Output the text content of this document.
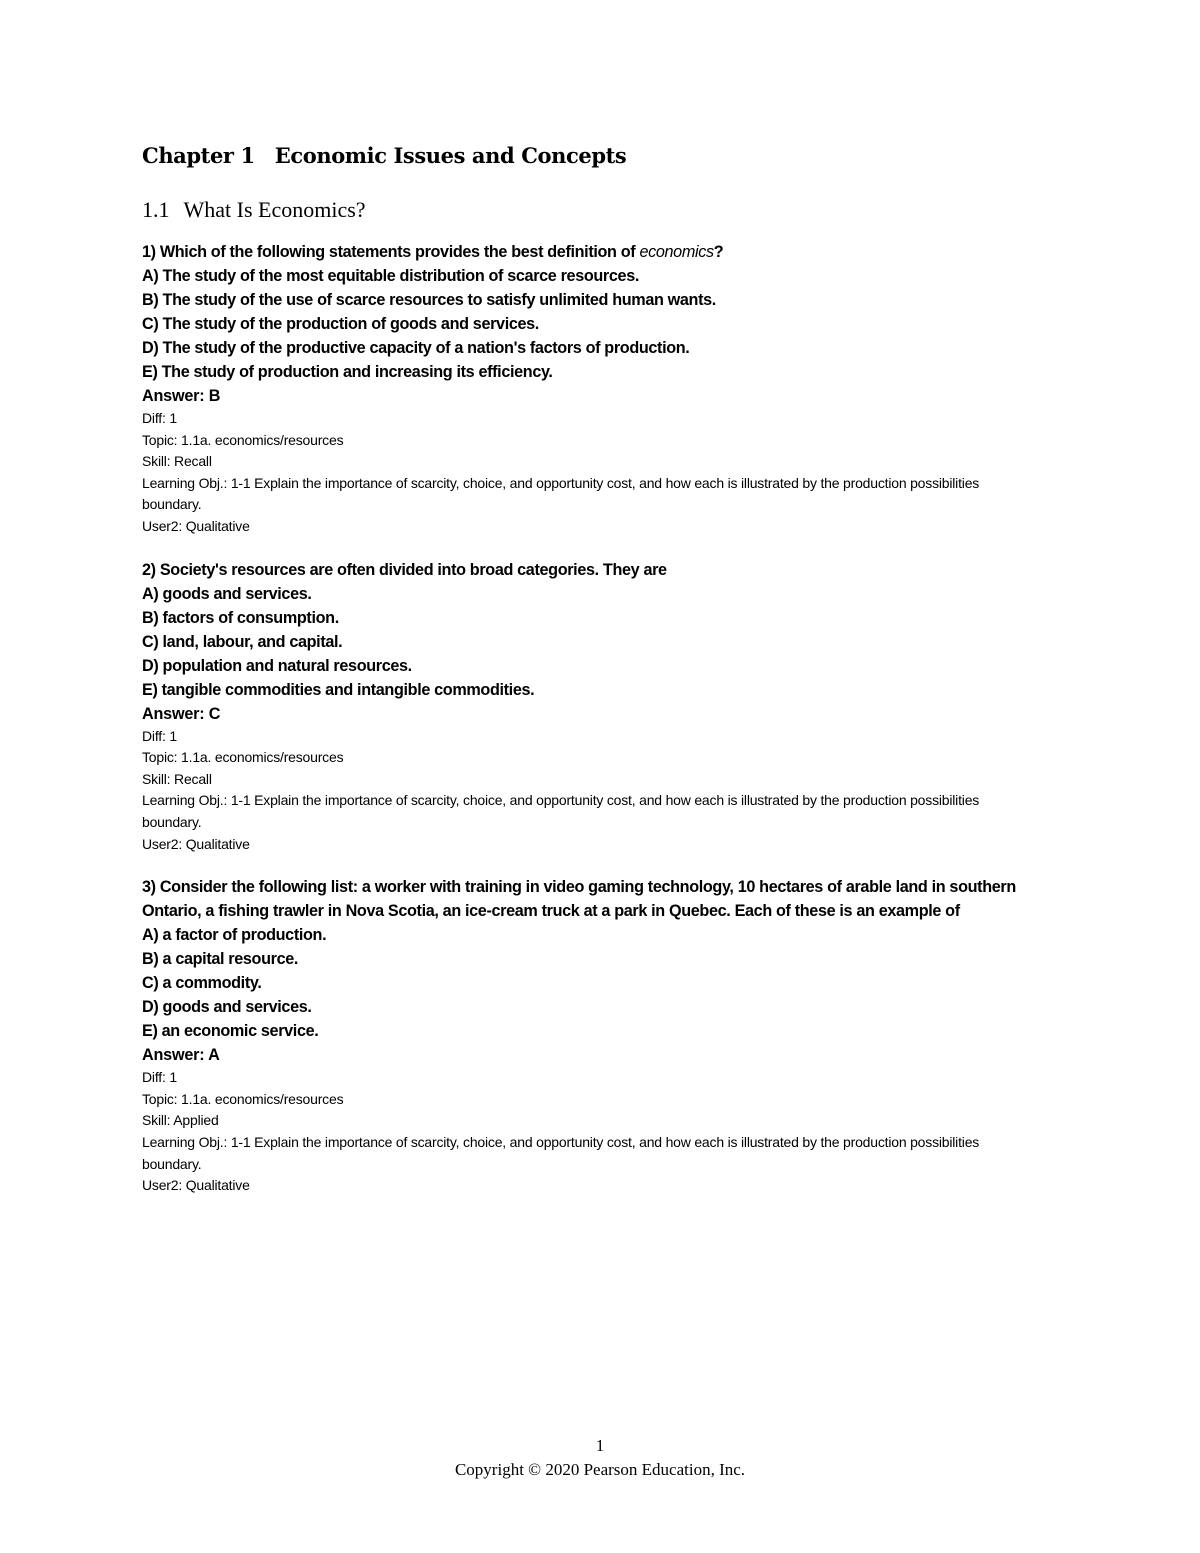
Chapter 1 Economic Issues and Concepts
1.1 What Is Economics?
1) Which of the following statements provides the best definition of economics?
A) The study of the most equitable distribution of scarce resources.
B) The study of the use of scarce resources to satisfy unlimited human wants.
C) The study of the production of goods and services.
D) The study of the productive capacity of a nation's factors of production.
E) The study of production and increasing its efficiency.
Answer: B
Diff: 1
Topic: 1.1a. economics/resources
Skill: Recall
Learning Obj.: 1-1 Explain the importance of scarcity, choice, and opportunity cost, and how each is illustrated by the production possibilities boundary.
User2: Qualitative
2) Society's resources are often divided into broad categories. They are
A) goods and services.
B) factors of consumption.
C) land, labour, and capital.
D) population and natural resources.
E) tangible commodities and intangible commodities.
Answer: C
Diff: 1
Topic: 1.1a. economics/resources
Skill: Recall
Learning Obj.: 1-1 Explain the importance of scarcity, choice, and opportunity cost, and how each is illustrated by the production possibilities boundary.
User2: Qualitative
3) Consider the following list: a worker with training in video gaming technology, 10 hectares of arable land in southern Ontario, a fishing trawler in Nova Scotia, an ice-cream truck at a park in Quebec. Each of these is an example of
A) a factor of production.
B) a capital resource.
C) a commodity.
D) goods and services.
E) an economic service.
Answer: A
Diff: 1
Topic: 1.1a. economics/resources
Skill: Applied
Learning Obj.: 1-1 Explain the importance of scarcity, choice, and opportunity cost, and how each is illustrated by the production possibilities boundary.
User2: Qualitative
1
Copyright © 2020 Pearson Education, Inc.
